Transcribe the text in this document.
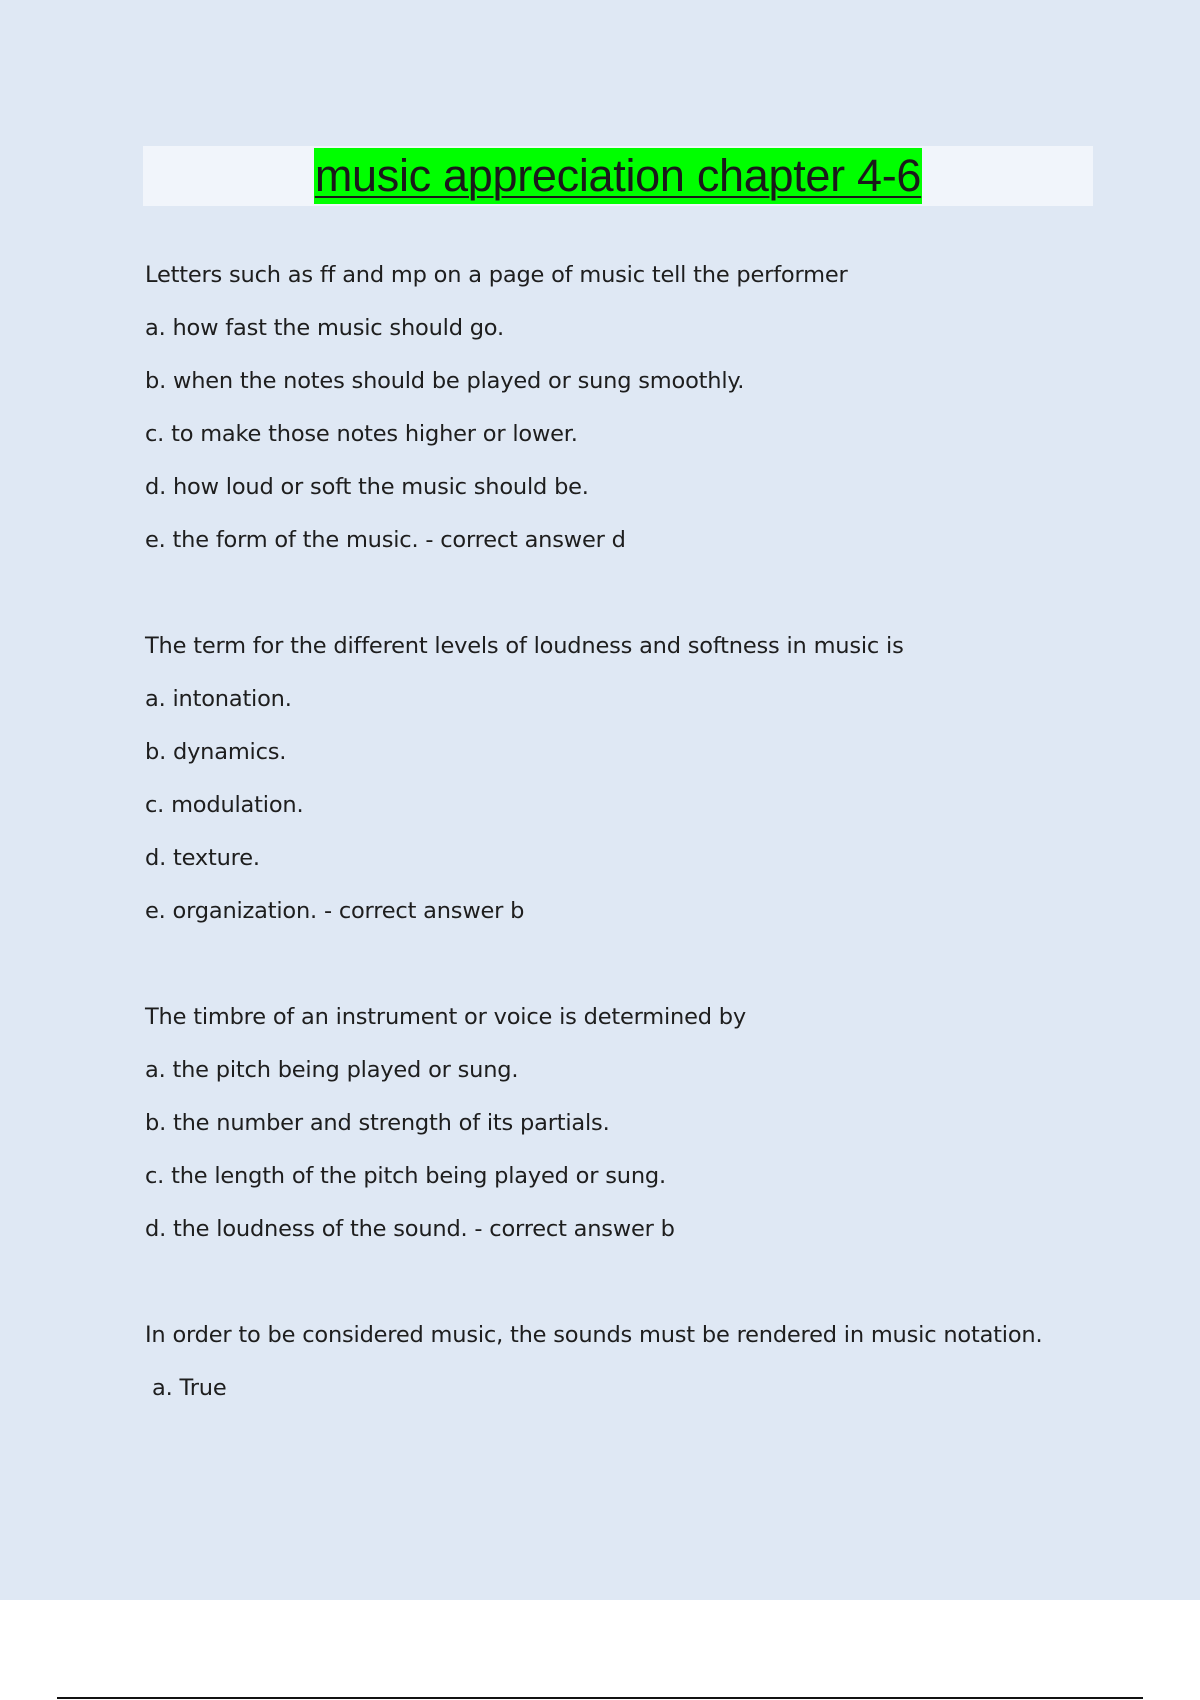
music appreciation chapter 4-6
Letters such as ff and mp on a page of music tell the performer
a. how fast the music should go.
b. when the notes should be played or sung smoothly.
c. to make those notes higher or lower.
d. how loud or soft the music should be.
e. the form of the music. - correct answer d
The term for the different levels of loudness and softness in music is
a. intonation.
b. dynamics.
c. modulation.
d. texture.
e. organization. - correct answer b
The timbre of an instrument or voice is determined by
a. the pitch being played or sung.
b. the number and strength of its partials.
c. the length of the pitch being played or sung.
d. the loudness of the sound. - correct answer b
In order to be considered music, the sounds must be rendered in music notation.
a. True
